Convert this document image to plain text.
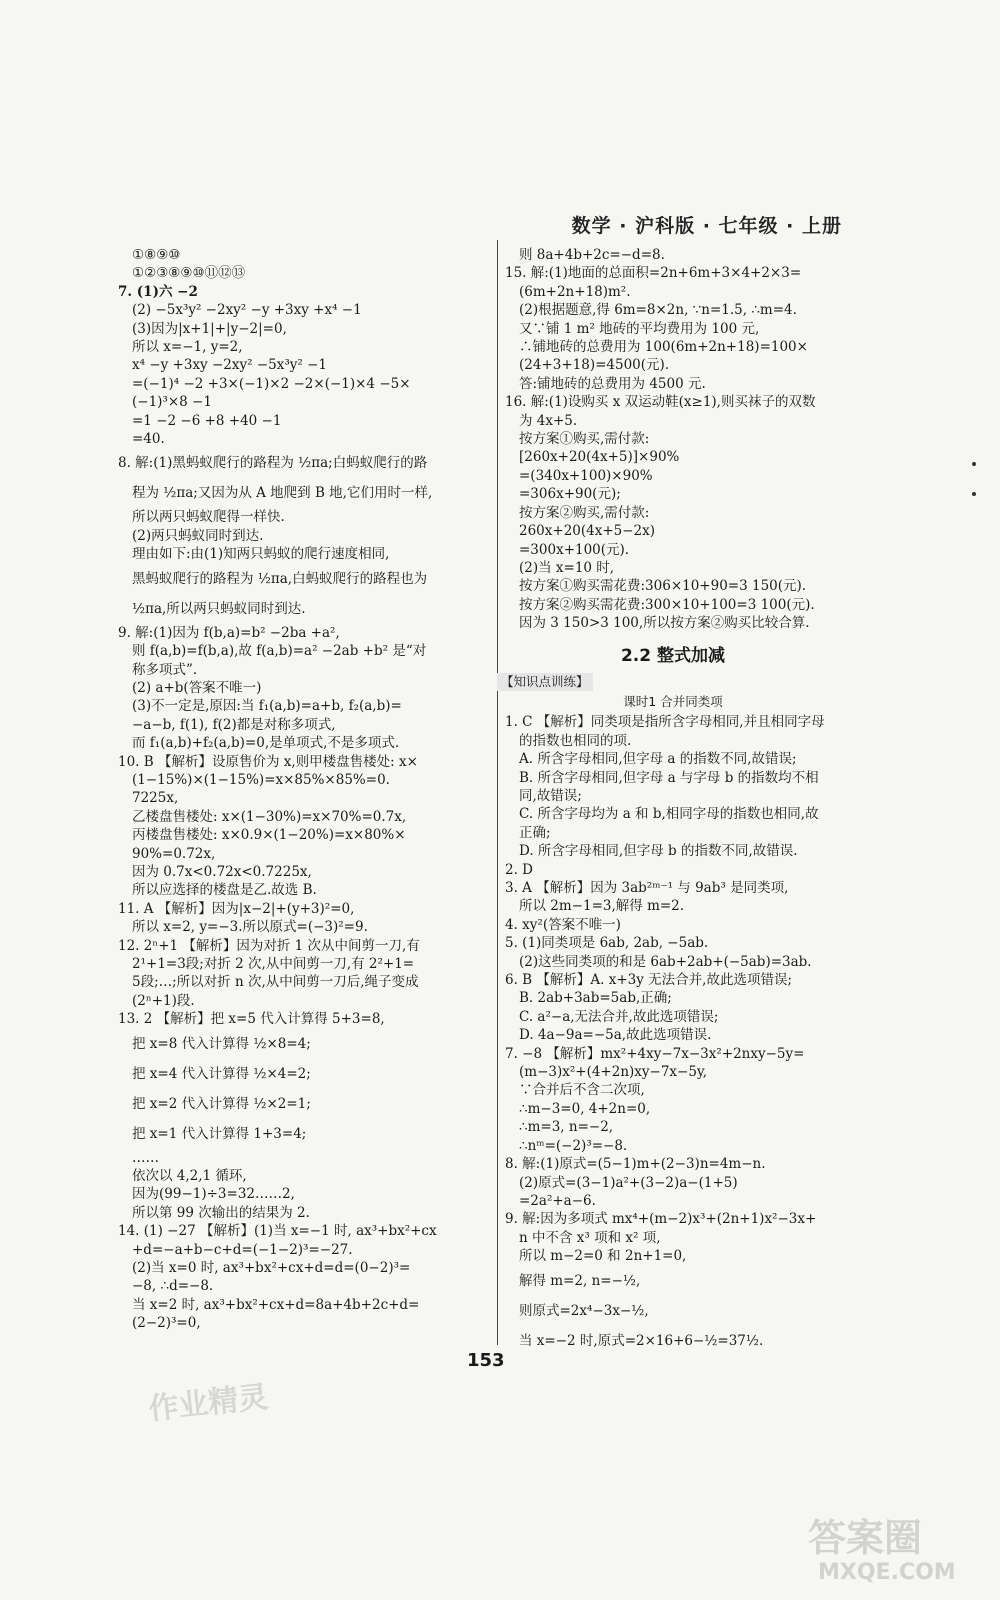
数学 · 沪科版 · 七年级 · 上册
①⑧⑨⑩
①②③⑧⑨⑩⑪⑫⑬
7. (1)六 −2
(2) −5x³y² −2xy² −y +3xy +x⁴ −1
(3)因为|x+1|+|y−2|=0,
所以 x=−1, y=2,
x⁴ −y +3xy −2xy² −5x³y² −1
=(−1)⁴ −2 +3×(−1)×2 −2×(−1)×4 −5×
(−1)³×8 −1
=1 −2 −6 +8 +40 −1
=40.
8. 解:(1)黑蚂蚁爬行的路程为 ½πa;白蚂蚁爬行的路
程为 ½πa;又因为从 A 地爬到 B 地,它们用时一样,
所以两只蚂蚁爬得一样快.
(2)两只蚂蚁同时到达.
理由如下:由(1)知两只蚂蚁的爬行速度相同,
黑蚂蚁爬行的路程为 ½πa,白蚂蚁爬行的路程也为
½πa,所以两只蚂蚁同时到达.
9. 解:(1)因为 f(b,a)=b² −2ba +a²,
则 f(a,b)=f(b,a),故 f(a,b)=a² −2ab +b² 是“对
称多项式”.
(2) a+b(答案不唯一)
(3)不一定是,原因:当 f₁(a,b)=a+b, f₂(a,b)=
−a−b, f(1), f(2)都是对称多项式,
而 f₁(a,b)+f₂(a,b)=0,是单项式,不是多项式.
10. B 【解析】设原售价为 x,则甲楼盘售楼处: x×
(1−15%)×(1−15%)=x×85%×85%=0.
7225x,
乙楼盘售楼处: x×(1−30%)=x×70%=0.7x,
丙楼盘售楼处: x×0.9×(1−20%)=x×80%×
90%=0.72x,
因为 0.7x<0.72x<0.7225x,
所以应选择的楼盘是乙.故选 B.
11. A 【解析】因为|x−2|+(y+3)²=0,
所以 x=2, y=−3.所以原式=(−3)²=9.
12. 2ⁿ+1 【解析】因为对折 1 次从中间剪一刀,有
2¹+1=3段;对折 2 次,从中间剪一刀,有 2²+1=
5段;…;所以对折 n 次,从中间剪一刀后,绳子变成
(2ⁿ+1)段.
13. 2 【解析】把 x=5 代入计算得 5+3=8,
把 x=8 代入计算得 ½×8=4;
把 x=4 代入计算得 ½×4=2;
把 x=2 代入计算得 ½×2=1;
把 x=1 代入计算得 1+3=4;
……
依次以 4,2,1 循环,
因为(99−1)÷3=32……2,
所以第 99 次输出的结果为 2.
14. (1) −27 【解析】(1)当 x=−1 时, ax³+bx²+cx
+d=−a+b−c+d=(−1−2)³=−27.
(2)当 x=0 时, ax³+bx²+cx+d=d=(0−2)³=
−8, ∴d=−8.
当 x=2 时, ax³+bx²+cx+d=8a+4b+2c+d=
(2−2)³=0,
则 8a+4b+2c=−d=8.
15. 解:(1)地面的总面积=2n+6m+3×4+2×3=
(6m+2n+18)m².
(2)根据题意,得 6m=8×2n, ∵n=1.5, ∴m=4.
又∵铺 1 m² 地砖的平均费用为 100 元,
∴铺地砖的总费用为 100(6m+2n+18)=100×
(24+3+18)=4500(元).
答:铺地砖的总费用为 4500 元.
16. 解:(1)设购买 x 双运动鞋(x≥1),则买袜子的双数
为 4x+5.
按方案①购买,需付款:
[260x+20(4x+5)]×90%
=(340x+100)×90%
=306x+90(元);
按方案②购买,需付款:
260x+20(4x+5−2x)
=300x+100(元).
(2)当 x=10 时,
按方案①购买需花费:306×10+90=3 150(元).
按方案②购买需花费:300×10+100=3 100(元).
因为 3 150>3 100,所以按方案②购买比较合算.
2.2 整式加减
【知识点训练】
课时1 合并同类项
1. C 【解析】同类项是指所含字母相同,并且相同字母
的指数也相同的项.
A. 所含字母相同,但字母 a 的指数不同,故错误;
B. 所含字母相同,但字母 a 与字母 b 的指数均不相
同,故错误;
C. 所含字母均为 a 和 b,相同字母的指数也相同,故
正确;
D. 所含字母相同,但字母 b 的指数不同,故错误.
2. D
3. A 【解析】因为 3ab²ᵐ⁻¹ 与 9ab³ 是同类项,
所以 2m−1=3,解得 m=2.
4. xy²(答案不唯一)
5. (1)同类项是 6ab, 2ab, −5ab.
(2)这些同类项的和是 6ab+2ab+(−5ab)=3ab.
6. B 【解析】A. x+3y 无法合并,故此选项错误;
B. 2ab+3ab=5ab,正确;
C. a²−a,无法合并,故此选项错误;
D. 4a−9a=−5a,故此选项错误.
7. −8 【解析】mx²+4xy−7x−3x²+2nxy−5y=
(m−3)x²+(4+2n)xy−7x−5y,
∵合并后不含二次项,
∴m−3=0, 4+2n=0,
∴m=3, n=−2,
∴nᵐ=(−2)³=−8.
8. 解:(1)原式=(5−1)m+(2−3)n=4m−n.
(2)原式=(3−1)a²+(3−2)a−(1+5)
=2a²+a−6.
9. 解:因为多项式 mx⁴+(m−2)x³+(2n+1)x²−3x+
n 中不含 x³ 项和 x² 项,
所以 m−2=0 和 2n+1=0,
解得 m=2, n=−½,
则原式=2x⁴−3x−½,
当 x=−2 时,原式=2×16+6−½=37½.
153
作业精灵
答案圈
MXQE.COM
